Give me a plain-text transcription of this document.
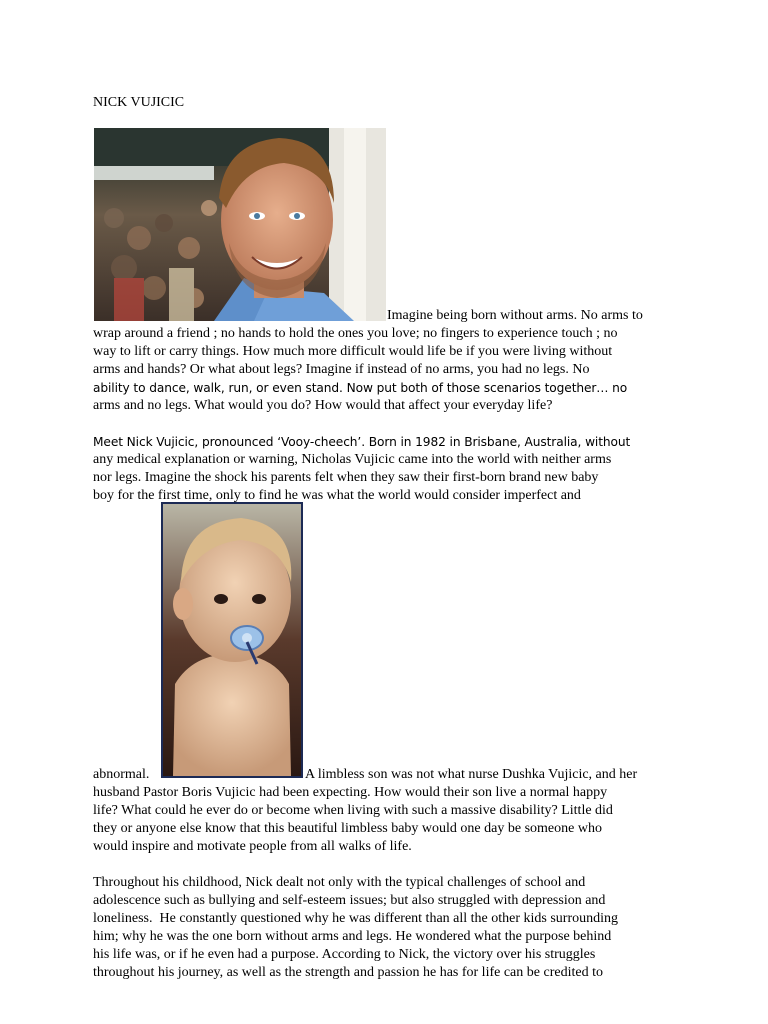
NICK VUJICIC
Imagine being born without arms. No arms to
wrap around a friend ; no hands to hold the ones you love; no fingers to experience touch ; no
way to lift or carry things. How much more difficult would life be if you were living without
arms and hands? Or what about legs? Imagine if instead of no arms, you had no legs. No
ability to dance, walk, run, or even stand. Now put both of those scenarios together… no
arms and no legs. What would you do? How would that affect your everyday life?
Meet Nick Vujicic, pronounced ‘Vooy-cheech’. Born in 1982 in Brisbane, Australia, without
any medical explanation or warning, Nicholas Vujicic came into the world with neither arms
nor legs. Imagine the shock his parents felt when they saw their first-born brand new baby
boy for the first time, only to find he was what the world would consider imperfect and
abnormal.	A limbless son was not what nurse Dushka Vujicic, and her
husband Pastor Boris Vujicic had been expecting. How would their son live a normal happy
life? What could he ever do or become when living with such a massive disability? Little did
they or anyone else know that this beautiful limbless baby would one day be someone who
would inspire and motivate people from all walks of life.
Throughout his childhood, Nick dealt not only with the typical challenges of school and
adolescence such as bullying and self-esteem issues; but also struggled with depression and
loneliness.  He constantly questioned why he was different than all the other kids surrounding
him; why he was the one born without arms and legs. He wondered what the purpose behind
his life was, or if he even had a purpose. According to Nick, the victory over his struggles
throughout his journey, as well as the strength and passion he has for life can be credited to
